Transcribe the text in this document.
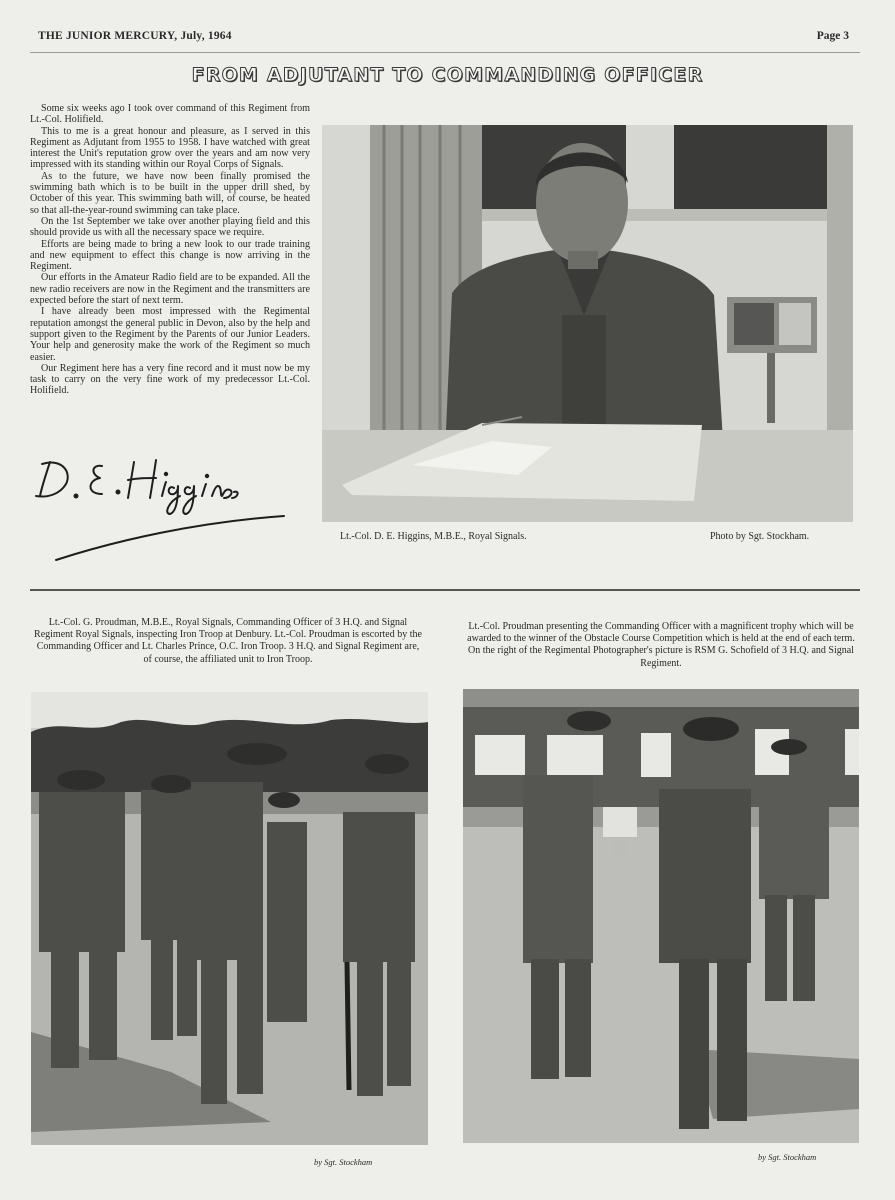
THE JUNIOR MERCURY, July, 1964	Page 3
FROM ADJUTANT TO COMMANDING OFFICER

Some six weeks ago I took over command of this Regiment from Lt.-Col. Holifield.

This to me is a great honour and pleasure, as I served in this Regiment as Adjutant from 1955 to 1958. I have watched with great interest the Unit's reputation grow over the years and am now very impressed with its standing within our Royal Corps of Signals.

As to the future, we have now been finally promised the swimming bath which is to be built in the upper drill shed, by October of this year. This swimming bath will, of course, be heated so that all-the-year-round swimming can take place.

On the 1st September we take over another playing field and this should provide us with all the necessary space we require.

Efforts are being made to bring a new look to our trade training and new equipment to effect this change is now arriving in the Regiment.

Our efforts in the Amateur Radio field are to be expanded. All the new radio receivers are now in the Regiment and the transmitters are expected before the start of next term.

I have already been most impressed with the Regimental reputation amongst the general public in Devon, also by the help and support given to the Regiment by the Parents of our Junior Leaders. Your help and generosity make the work of the Regiment so much easier.

Our Regiment here has a very fine record and it must now be my task to carry on the very fine work of my predecessor Lt.-Col. Holifield.

Lt.-Col. D. E. Higgins, M.B.E., Royal Signals.	Photo by Sgt. Stockham.
Lt.-Col. G. Proudman, M.B.E., Royal Signals, Commanding Officer of 3 H.Q. and Signal Regiment Royal Signals, inspecting Iron Troop at Denbury. Lt.-Col. Proudman is escorted by the Commanding Officer and Lt. Charles Prince, O.C. Iron Troop. 3 H.Q. and Signal Regiment are, of course, the affiliated unit to Iron Troop.
Lt.-Col. Proudman presenting the Commanding Officer with a magnificent trophy which will be awarded to the winner of the Obstacle Course Competition which is held at the end of each term. On the right of the Regimental Photographer's picture is RSM G. Schofield of 3 H.Q. and Signal Regiment.
by Sgt. Stockham	by Sgt. Stockham
